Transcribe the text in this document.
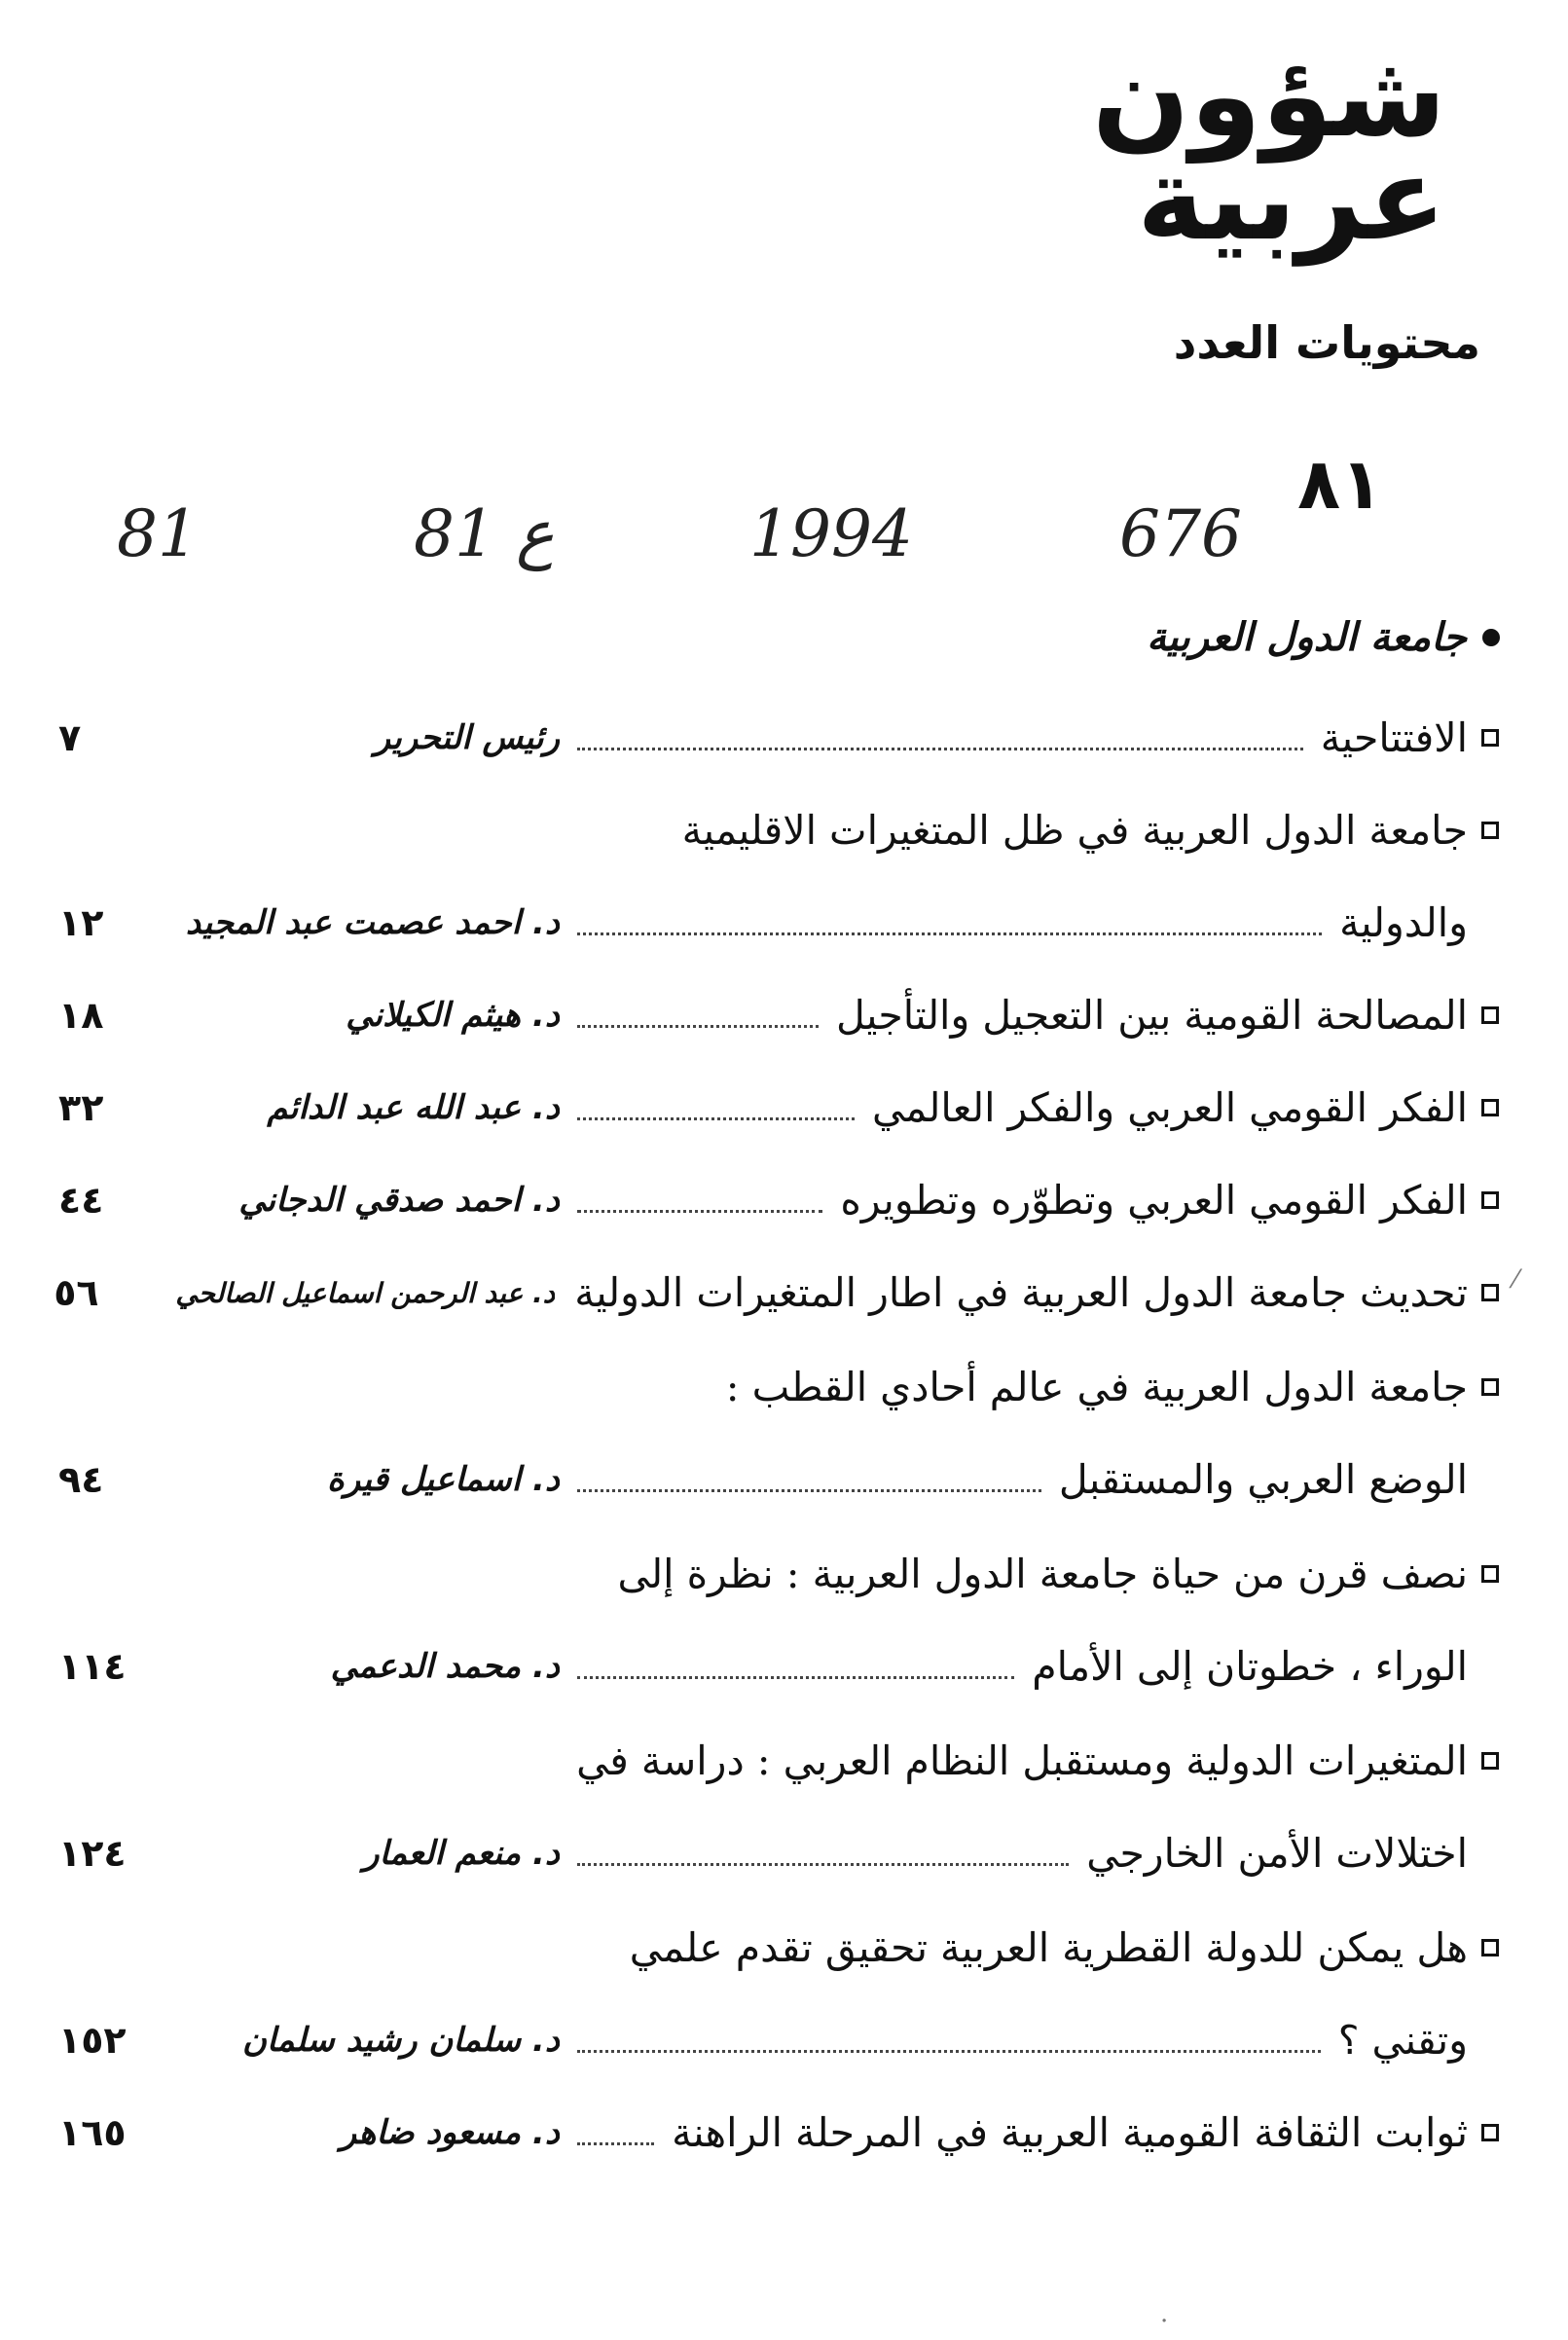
شؤون
عربية
محتويات العدد
٨١
676
1994
81 ع
81
جامعة الدول العربية
الافتتاحية
رئيس التحرير
٧
جامعة الدول العربية في ظل المتغيرات الاقليمية
والدولية
د. احمد عصمت عبد المجيد
١٢
المصالحة القومية بين التعجيل والتأجيل
د. هيثم الكيلاني
١٨
الفكر القومي العربي والفكر العالمي
د. عبد الله عبد الدائم
٣٢
الفكر القومي العربي وتطوّره وتطويره
د. احمد صدقي الدجاني
٤٤
تحديث جامعة الدول العربية في اطار المتغيرات الدولية
د. عبد الرحمن اسماعيل الصالحي
٥٦
جامعة الدول العربية في عالم أحادي القطب :
الوضع العربي والمستقبل
د. اسماعيل قيرة
٩٤
نصف قرن من حياة جامعة الدول العربية : نظرة إلى
الوراء ، خطوتان إلى الأمام
د. محمد الدعمي
١١٤
المتغيرات الدولية ومستقبل النظام العربي : دراسة في
اختلالات الأمن الخارجي
د. منعم العمار
١٢٤
هل يمكن للدولة القطرية العربية تحقيق تقدم علمي
وتقني ؟
د. سلمان رشيد سلمان
١٥٢
ثوابت الثقافة القومية العربية في المرحلة الراهنة
د. مسعود ضاهر
١٦٥
⁄
·
